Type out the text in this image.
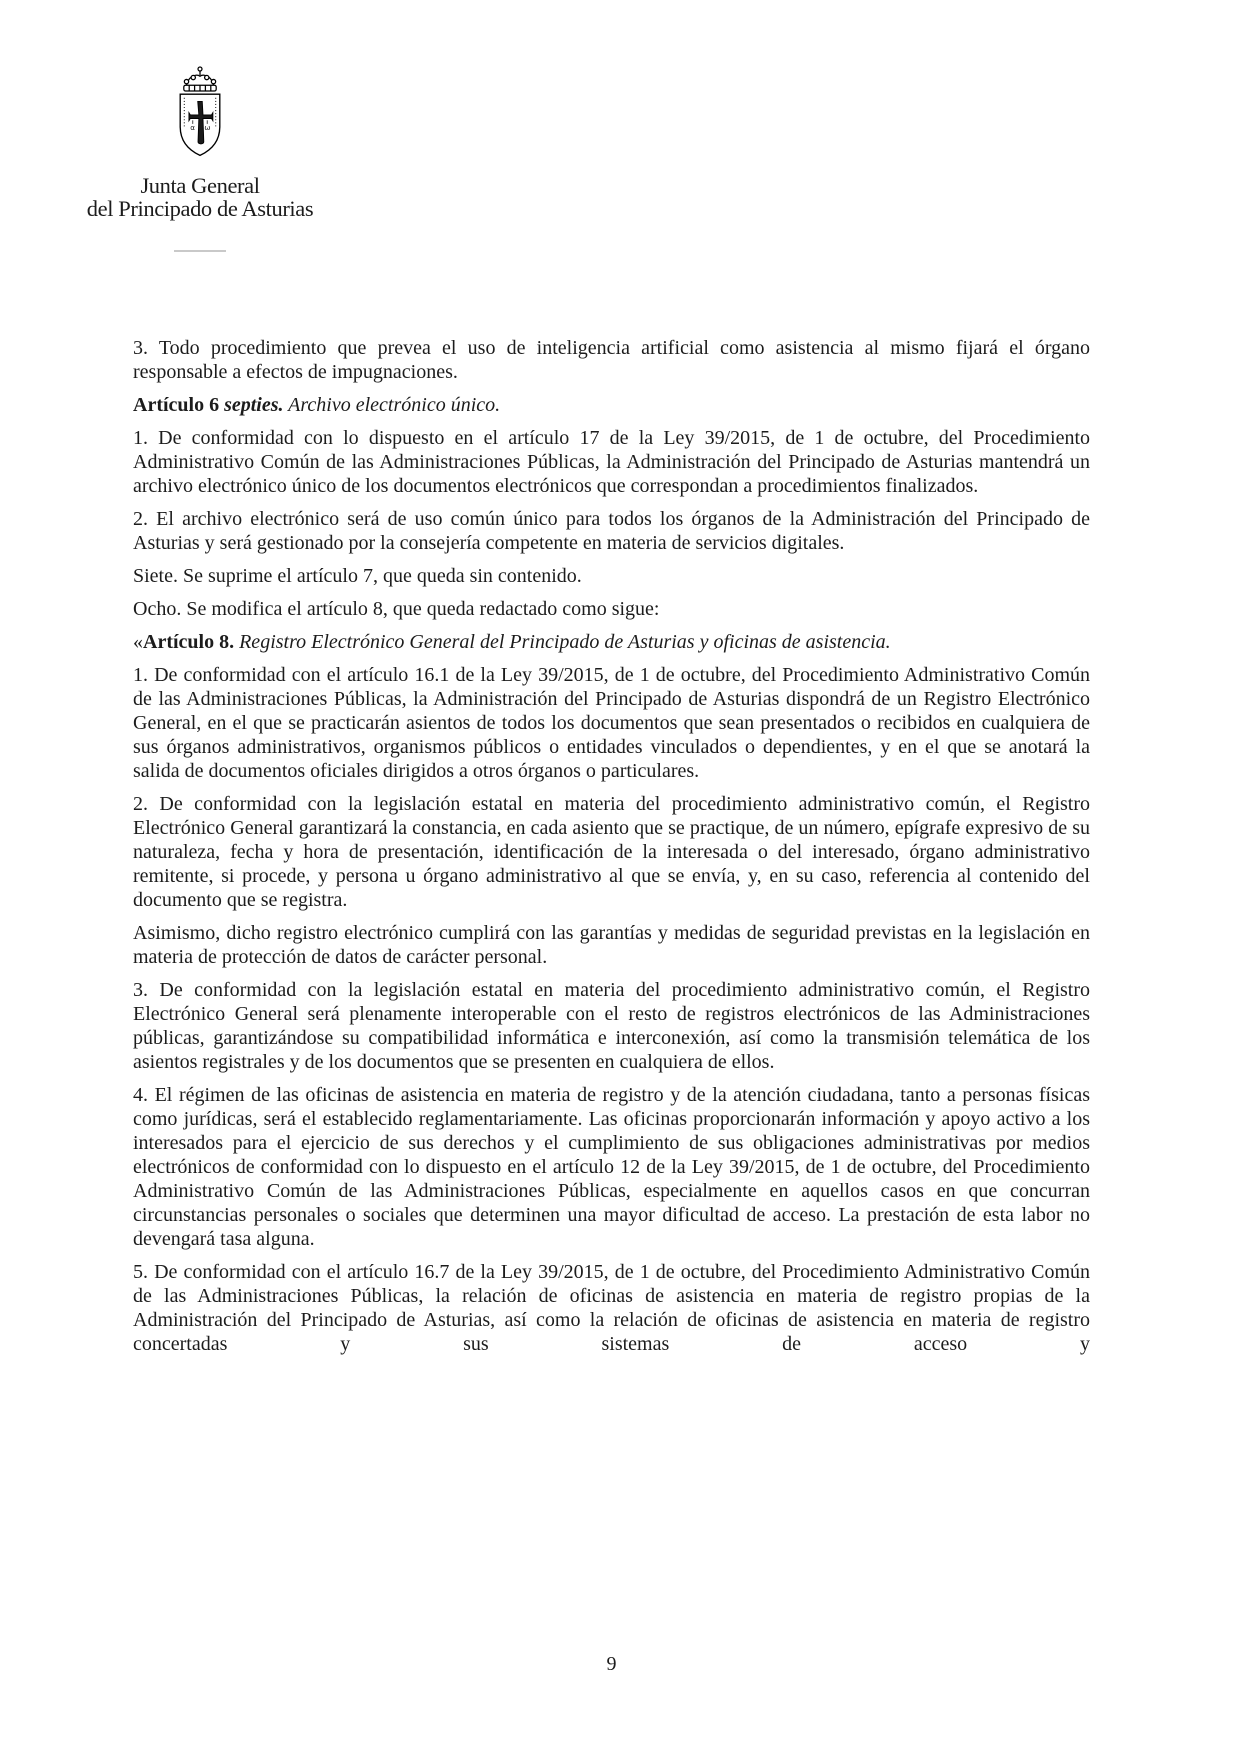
α ω
Junta General
del Principado de Asturias

3. Todo procedimiento que prevea el uso de inteligencia artificial como asistencia al mismo fijará el órgano responsable a efectos de impugnaciones.

Artículo 6 septies. Archivo electrónico único.

1. De conformidad con lo dispuesto en el artículo 17 de la Ley 39/2015, de 1 de octubre, del Procedimiento Administrativo Común de las Administraciones Públicas, la Administración del Principado de Asturias mantendrá un archivo electrónico único de los documentos electrónicos que correspondan a procedimientos finalizados.

2. El archivo electrónico será de uso común único para todos los órganos de la Administración del Principado de Asturias y será gestionado por la consejería competente en materia de servicios digitales.

Siete. Se suprime el artículo 7, que queda sin contenido.

Ocho. Se modifica el artículo 8, que queda redactado como sigue:

«Artículo 8. Registro Electrónico General del Principado de Asturias y oficinas de asistencia.

1. De conformidad con el artículo 16.1 de la Ley 39/2015, de 1 de octubre, del Procedimiento Administrativo Común de las Administraciones Públicas, la Administración del Principado de Asturias dispondrá de un Registro Electrónico General, en el que se practicarán asientos de todos los documentos que sean presentados o recibidos en cualquiera de sus órganos administrativos, organismos públicos o entidades vinculados o dependientes, y en el que se anotará la salida de documentos oficiales dirigidos a otros órganos o particulares.

2. De conformidad con la legislación estatal en materia del procedimiento administrativo común, el Registro Electrónico General garantizará la constancia, en cada asiento que se practique, de un número, epígrafe expresivo de su naturaleza, fecha y hora de presentación, identificación de la interesada o del interesado, órgano administrativo remitente, si procede, y persona u órgano administrativo al que se envía, y, en su caso, referencia al contenido del documento que se registra.

Asimismo, dicho registro electrónico cumplirá con las garantías y medidas de seguridad previstas en la legislación en materia de protección de datos de carácter personal.

3. De conformidad con la legislación estatal en materia del procedimiento administrativo común, el Registro Electrónico General será plenamente interoperable con el resto de registros electrónicos de las Administraciones públicas, garantizándose su compatibilidad informática e interconexión, así como la transmisión telemática de los asientos registrales y de los documentos que se presenten en cualquiera de ellos.

4. El régimen de las oficinas de asistencia en materia de registro y de la atención ciudadana, tanto a personas físicas como jurídicas, será el establecido reglamentariamente. Las oficinas proporcionarán información y apoyo activo a los interesados para el ejercicio de sus derechos y el cumplimiento de sus obligaciones administrativas por medios electrónicos de conformidad con lo dispuesto en el artículo 12 de la Ley 39/2015, de 1 de octubre, del Procedimiento Administrativo Común de las Administraciones Públicas, especialmente en aquellos casos en que concurran circunstancias personales o sociales que determinen una mayor dificultad de acceso. La prestación de esta labor no devengará tasa alguna.

5. De conformidad con el artículo 16.7 de la Ley 39/2015, de 1 de octubre, del Procedimiento Administrativo Común de las Administraciones Públicas, la relación de oficinas de asistencia en materia de registro propias de la Administración del Principado de Asturias, así como la relación de oficinas de asistencia en materia de registro concertadas y sus sistemas de acceso y

9
